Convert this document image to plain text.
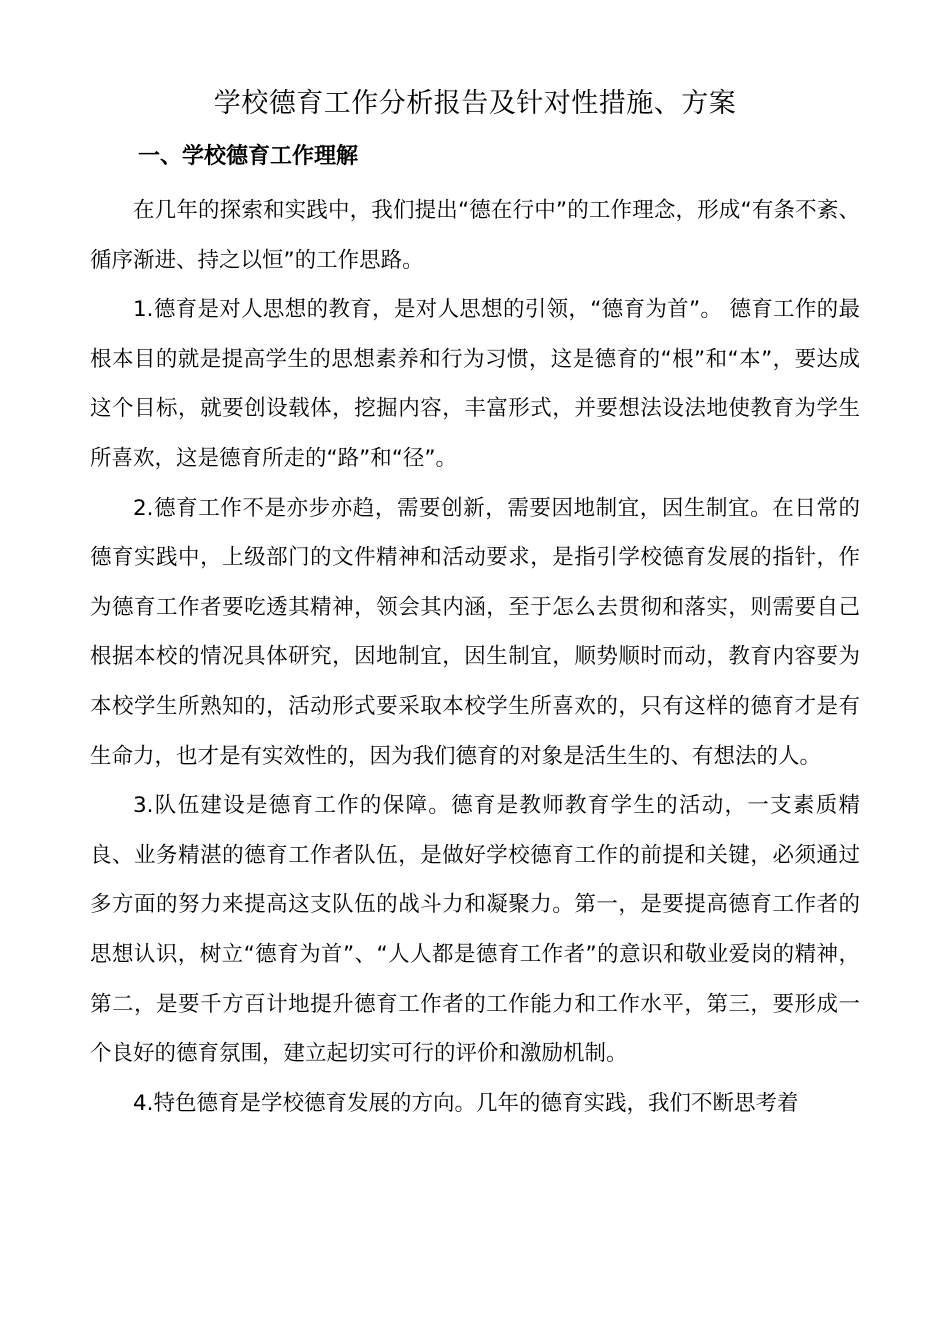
学校德育工作分析报告及针对性措施、方案
一、学校德育工作理解

在几年的探索和实践中，我们提出“德在行中”的工作理念，形成“有条不紊、循序渐进、持之以恒”的工作思路。

1.德育是对人思想的教育，是对人思想的引领，“德育为首”。 德育工作的最根本目的就是提高学生的思想素养和行为习惯，这是德育的“根”和“本”，要达成这个目标，就要创设载体，挖掘内容，丰富形式，并要想法设法地使教育为学生所喜欢，这是德育所走的“路”和“径”。

2.德育工作不是亦步亦趋，需要创新，需要因地制宜，因生制宜。在日常的德育实践中，上级部门的文件精神和活动要求，是指引学校德育发展的指针，作为德育工作者要吃透其精神，领会其内涵，至于怎么去贯彻和落实，则需要自己根据本校的情况具体研究，因地制宜，因生制宜，顺势顺时而动，教育内容要为本校学生所熟知的，活动形式要采取本校学生所喜欢的，只有这样的德育才是有生命力，也才是有实效性的，因为我们德育的对象是活生生的、有想法的人。

3.队伍建设是德育工作的保障。德育是教师教育学生的活动，一支素质精良、业务精湛的德育工作者队伍，是做好学校德育工作的前提和关键，必须通过多方面的努力来提高这支队伍的战斗力和凝聚力。第一，是要提高德育工作者的思想认识，树立“德育为首”、“人人都是德育工作者”的意识和敬业爱岗的精神，第二，是要千方百计地提升德育工作者的工作能力和工作水平，第三，要形成一个良好的德育氛围，建立起切实可行的评价和激励机制。

4.特色德育是学校德育发展的方向。几年的德育实践，我们不断思考着
